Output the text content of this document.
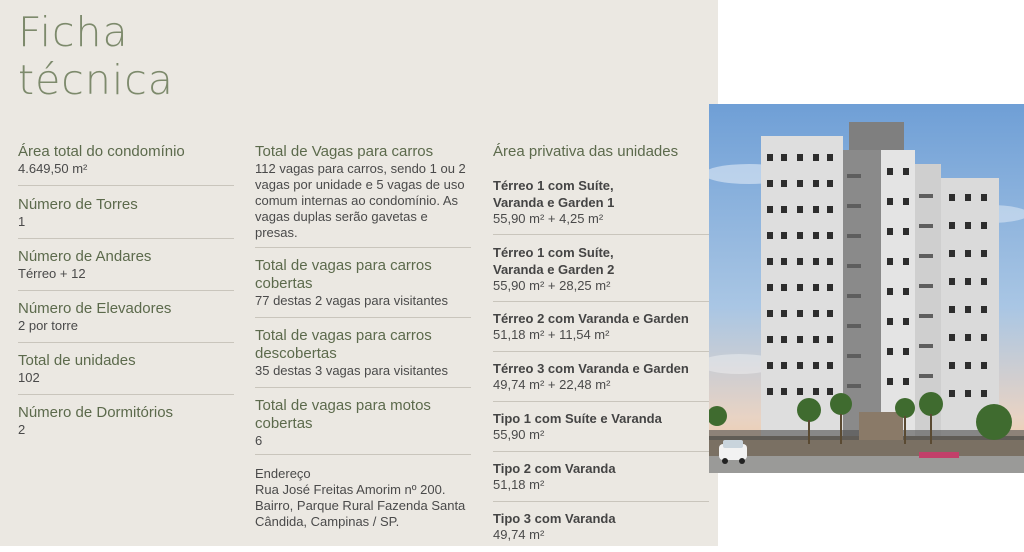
Ficha
técnica
Área total do condomínio
4.649,50 m²
Número de Torres
1
Número de Andares
Térreo + 12
Número de Elevadores
2 por torre
Total de unidades
102
Número de Dormitórios
2
Total de Vagas para carros
112 vagas para carros, sendo 1 ou 2 vagas por unidade e 5 vagas de uso comum internas ao condomínio. As vagas duplas serão gavetas e presas.
Total de vagas para carros cobertas
77 destas 2 vagas para visitantes
Total de vagas para carros descobertas
35 destas 3 vagas para visitantes
Total de vagas para motos cobertas
6
Endereço
Rua José Freitas Amorim nº 200. Bairro, Parque Rural Fazenda Santa Cândida, Campinas / SP.
Área privativa das unidades
Térreo 1 com Suíte, Varanda e Garden 1
55,90 m² + 4,25 m²
Térreo 1 com Suíte, Varanda e Garden 2
55,90 m² + 28,25 m²
Térreo 2 com Varanda e Garden
51,18 m² + 11,54 m²
Térreo 3 com Varanda e Garden
49,74 m² + 22,48 m²
Tipo 1 com Suíte e Varanda
55,90 m²
Tipo 2 com Varanda
51,18 m²
Tipo 3 com Varanda
49,74 m²
